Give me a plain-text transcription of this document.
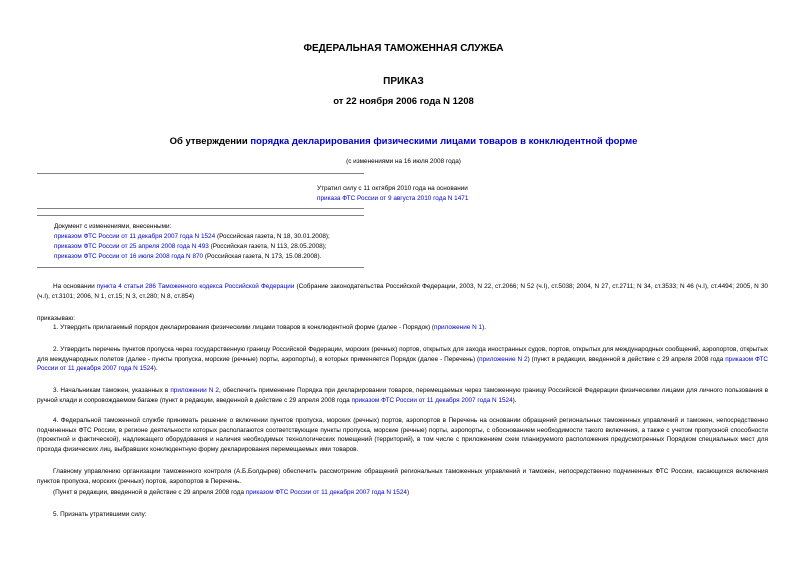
ФЕДЕРАЛЬНАЯ ТАМОЖЕННАЯ СЛУЖБА
ПРИКАЗ
от 22 ноября 2006 года N 1208
Об утверждении порядка декларирования физическими лицами товаров в конклюдентной форме
(с изменениями на 16 июля 2008 года)
Утратил силу с 11 октября 2010 года на основании
приказа ФТС России от 9 августа 2010 года N 1471
Документ с изменениями, внесенными:
приказом ФТС России от 11 декабря 2007 года N 1524 (Российская газета, N 18, 30.01.2008);
приказом ФТС России от 25 апреля 2008 года N 493 (Российская газета, N 113, 28.05.2008);
приказом ФТС России от 16 июля 2008 года N 870 (Российская газета, N 173, 15.08.2008).
На основании пункта 4 статьи 286 Таможенного кодекса Российской Федерации (Собрание законодательства Российской Федерации, 2003, N 22, ст.2066; N 52 (ч.I), ст.5038; 2004, N 27, ст.2711; N 34, ст.3533; N 46 (ч.I), ст.4494; 2005, N 30 (ч.I), ст.3101; 2006, N 1, ст.15; N 3, ст.280; N 8, ст.854)
приказываю:
1. Утвердить прилагаемый порядок декларирования физическими лицами товаров в конклюдентной форме (далее - Порядок) (приложение N 1).
2. Утвердить перечень пунктов пропуска через государственную границу Российской Федерации, морских (речных) портов, открытых для захода иностранных судов, портов, открытых для международных сообщений, аэропортов, открытых для международных полетов (далее - пункты пропуска, морские (речные) порты, аэропорты), в которых применяется Порядок (далее - Перечень) (приложение N 2) (пункт в редакции, введенной в действие с 29 апреля 2008 года приказом ФТС России от 11 декабря 2007 года N 1524).
3. Начальникам таможен, указанных в приложении N 2, обеспечить применение Порядка при декларировании товаров, перемещаемых через таможенную границу Российской Федерации физическими лицами для личного пользования в ручной клади и сопровождаемом багаже (пункт в редакции, введенной в действие с 29 апреля 2008 года приказом ФТС России от 11 декабря 2007 года N 1524).
4. Федеральной таможенной службе принимать решение о включении пунктов пропуска, морских (речных) портов, аэропортов в Перечень на основании обращений региональных таможенных управлений и таможен, непосредственно подчиненных ФТС России, в регионе деятельности которых располагаются соответствующие пункты пропуска, морские (речные) порты, аэропорты, с обоснованием необходимости такого включения, а также с учетом пропускной способности (проектной и фактической), надлежащего оборудования и наличия необходимых технологических помещений (территорий), в том числе с приложением схем планируемого расположения предусмотренных Порядком специальных мест для прохода физических лиц, выбравших конклюдентную форму декларирования перемещаемых ими товаров.
Главному управлению организации таможенного контроля (А.Б.Болдырев) обеспечить рассмотрение обращений региональных таможенных управлений и таможен, непосредственно подчиненных ФТС России, касающихся включения пунктов пропуска, морских (речных) портов, аэропортов в Перечень.
(Пункт в редакции, введенной в действие с 29 апреля 2008 года приказом ФТС России от 11 декабря 2007 года N 1524)
5. Признать утратившими силу:
